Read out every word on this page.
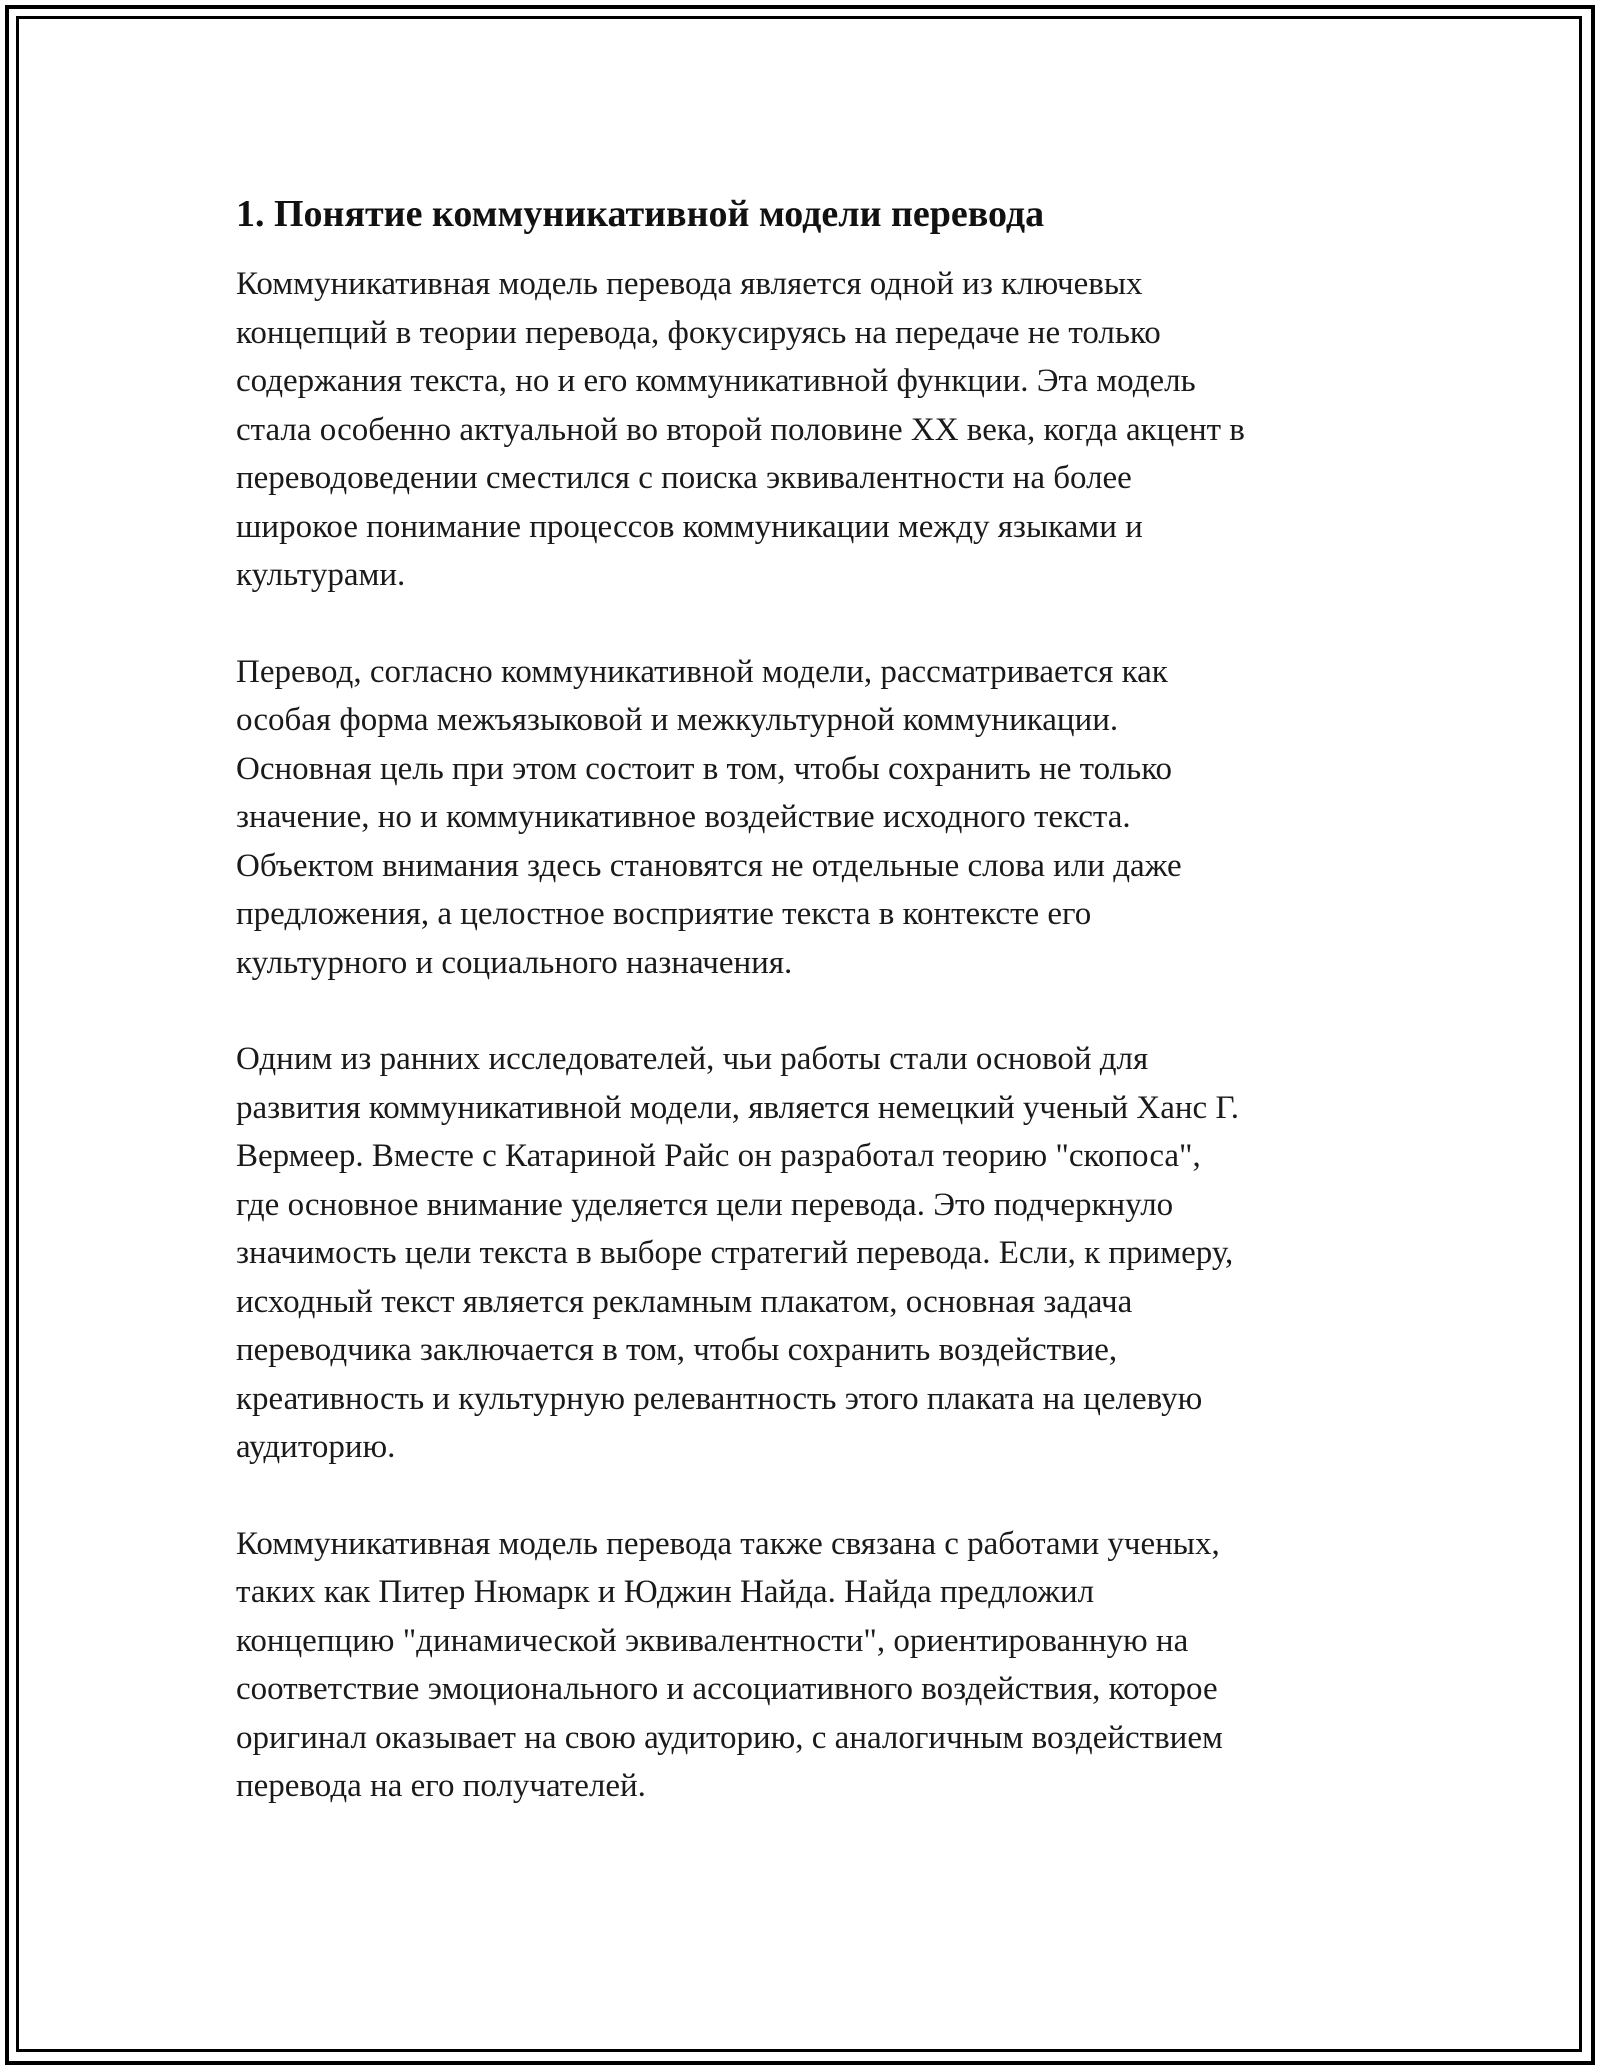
1. Понятие коммуникативной модели перевода

Коммуникативная модель перевода является одной из ключевых
концепций в теории перевода, фокусируясь на передаче не только
содержания текста, но и его коммуникативной функции. Эта модель
стала особенно актуальной во второй половине XX века, когда акцент в
переводоведении сместился с поиска эквивалентности на более
широкое понимание процессов коммуникации между языками и
культурами.

Перевод, согласно коммуникативной модели, рассматривается как
особая форма межъязыковой и межкультурной коммуникации.
Основная цель при этом состоит в том, чтобы сохранить не только
значение, но и коммуникативное воздействие исходного текста.
Объектом внимания здесь становятся не отдельные слова или даже
предложения, а целостное восприятие текста в контексте его
культурного и социального назначения.

Одним из ранних исследователей, чьи работы стали основой для
развития коммуникативной модели, является немецкий ученый Ханс Г.
Вермеер. Вместе с Катариной Райс он разработал теорию "скопоса",
где основное внимание уделяется цели перевода. Это подчеркнуло
значимость цели текста в выборе стратегий перевода. Если, к примеру,
исходный текст является рекламным плакатом, основная задача
переводчика заключается в том, чтобы сохранить воздействие,
креативность и культурную релевантность этого плаката на целевую
аудиторию.

Коммуникативная модель перевода также связана с работами ученых,
таких как Питер Нюмарк и Юджин Найда. Найда предложил
концепцию "динамической эквивалентности", ориентированную на
соответствие эмоционального и ассоциативного воздействия, которое
оригинал оказывает на свою аудиторию, с аналогичным воздействием
перевода на его получателей.
